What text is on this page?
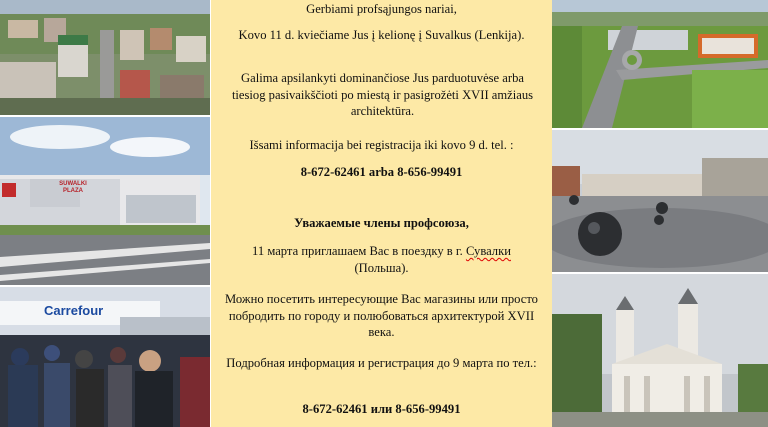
SUWALKI PLAZA
Carrefour

Gerbiami profsąjungos nariai,

Kovo 11 d. kviečiame Jus į kelionę į Suvalkus (Lenkija).

Galima apsilankyti dominančiose Jus parduotuvėse arba tiesiog pasivaikščioti po miestą ir pasigrožėti XVII amžiaus architektūra.

Išsami informacija bei registracija iki kovo 9 d. tel. :

8-672-62461 arba 8-656-99491

Уважаемые члены профсоюза,

11 марта приглашаем Вас в поездку в г. Сувалки
(Польша).

Можно посетить интересующие Вас магазины или просто побродить по городу и полюбоваться архитектурой XVII века.

Подробная информация и регистрация до 9 марта по тел.:

8-672-62461 или 8-656-99491
